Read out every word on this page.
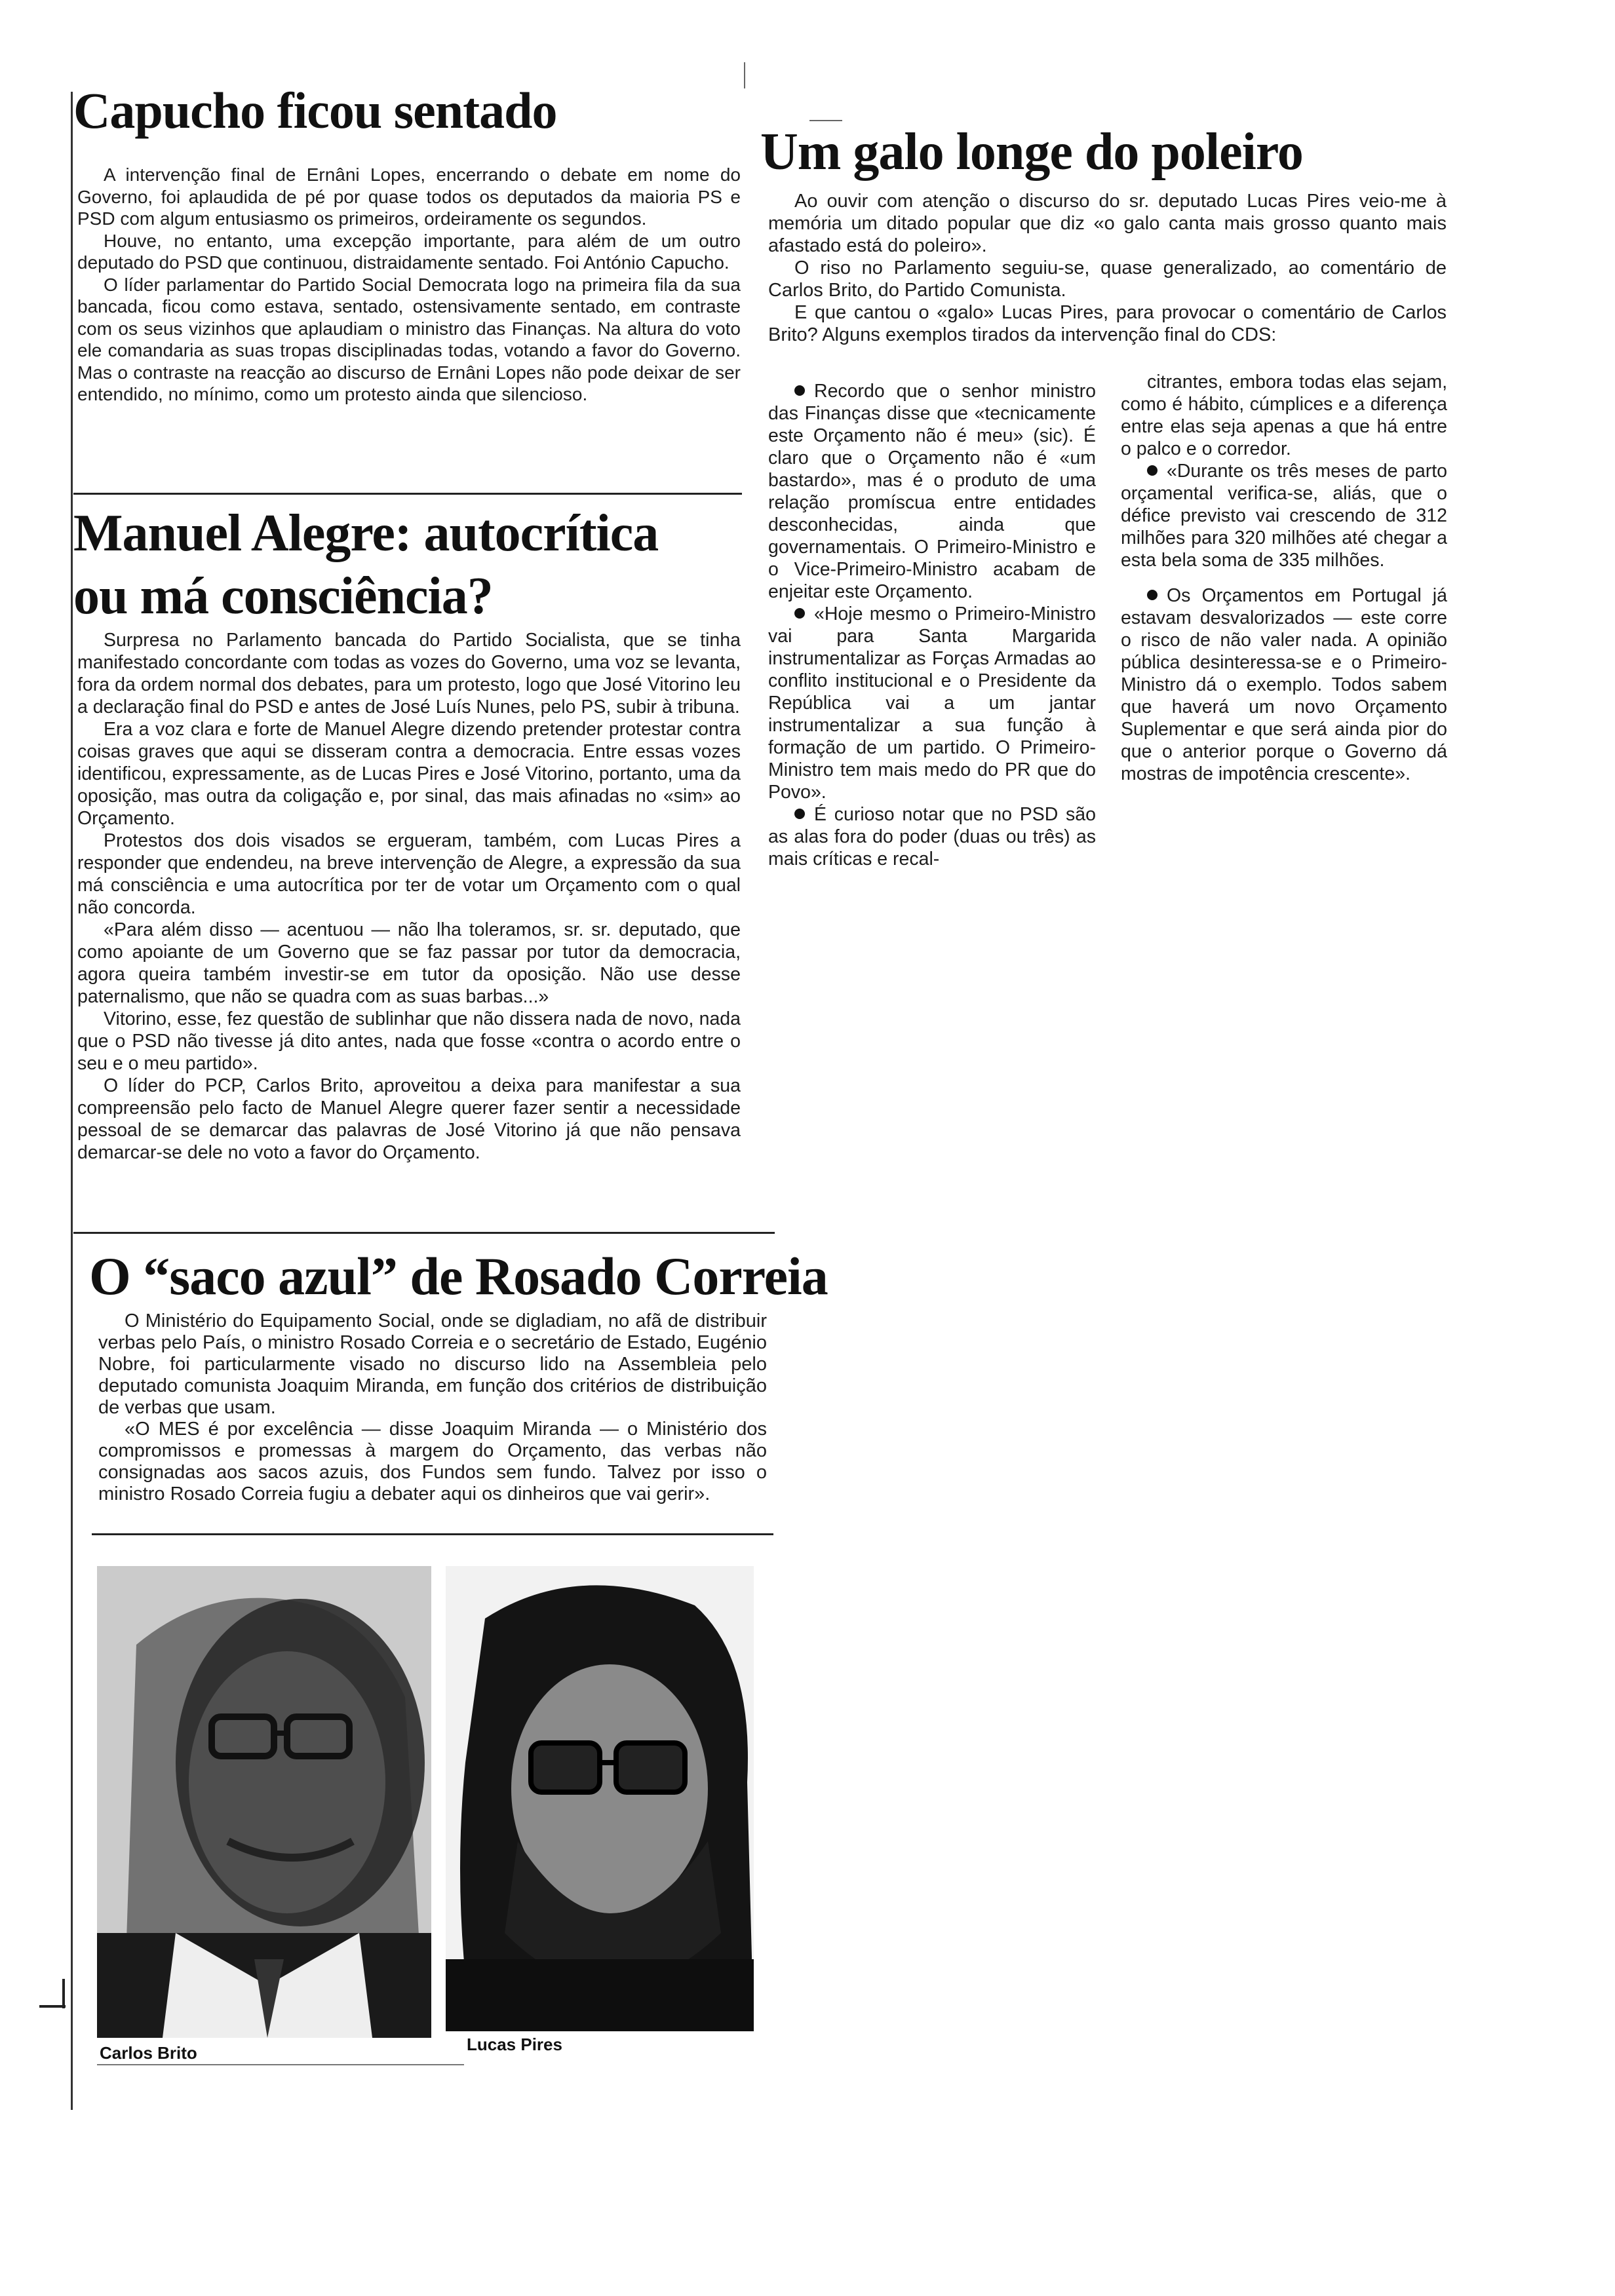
Capucho ficou sentado

A intervenção final de Ernâni Lopes, encerrando o debate em nome do Governo, foi aplaudida de pé por quase todos os deputados da maioria PS e PSD com algum entusiasmo os primeiros, ordeiramente os segundos.

Houve, no entanto, uma excepção importante, para além de um outro deputado do PSD que continuou, distraidamente sentado. Foi António Capucho.

O líder parlamentar do Partido Social Democrata logo na primeira fila da sua bancada, ficou como estava, sentado, ostensivamente sentado, em contraste com os seus vizinhos que aplaudiam o ministro das Finanças. Na altura do voto ele comandaria as suas tropas disciplinadas todas, votando a favor do Governo. Mas o contraste na reacção ao discurso de Ernâni Lopes não pode deixar de ser entendido, no mínimo, como um protesto ainda que silencioso.

Manuel Alegre: autocrítica
ou má consciência?

Surpresa no Parlamento bancada do Partido Socialista, que se tinha manifestado concordante com todas as vozes do Governo, uma voz se levanta, fora da ordem normal dos debates, para um protesto, logo que José Vitorino leu a declaração final do PSD e antes de José Luís Nunes, pelo PS, subir à tribuna.

Era a voz clara e forte de Manuel Alegre dizendo pretender protestar contra coisas graves que aqui se disseram contra a democracia. Entre essas vozes identificou, expressamente, as de Lucas Pires e José Vitorino, portanto, uma da oposição, mas outra da coligação e, por sinal, das mais afinadas no «sim» ao Orçamento.

Protestos dos dois visados se ergueram, também, com Lucas Pires a responder que endendeu, na breve intervenção de Alegre, a expressão da sua má consciência e uma autocrítica por ter de votar um Orçamento com o qual não concorda.

«Para além disso — acentuou — não lha toleramos, sr. sr. deputado, que como apoiante de um Governo que se faz passar por tutor da democracia, agora queira também investir-se em tutor da oposição. Não use desse paternalismo, que não se quadra com as suas barbas...»

Vitorino, esse, fez questão de sublinhar que não dissera nada de novo, nada que o PSD não tivesse já dito antes, nada que fosse «contra o acordo entre o seu e o meu partido».

O líder do PCP, Carlos Brito, aproveitou a deixa para manifestar a sua compreensão pelo facto de Manuel Alegre querer fazer sentir a necessidade pessoal de se demarcar das palavras de José Vitorino já que não pensava demarcar-se dele no voto a favor do Orçamento.

O “saco azul” de Rosado Correia

O Ministério do Equipamento Social, onde se digladiam, no afã de distribuir verbas pelo País, o ministro Rosado Correia e o secretário de Estado, Eugénio Nobre, foi particularmente visado no discurso lido na Assembleia pelo deputado comunista Joaquim Miranda, em função dos critérios de distribuição de verbas que usam.

«O MES é por excelência — disse Joaquim Miranda — o Ministério dos compromissos e promessas à margem do Orçamento, das verbas não consignadas aos sacos azuis, dos Fundos sem fundo. Talvez por isso o ministro Rosado Correia fugiu a debater aqui os dinheiros que vai gerir».

Carlos Brito	Lucas Pires
Um galo longe do poleiro

Ao ouvir com atenção o discurso do sr. deputado Lucas Pires veio-me à memória um ditado popular que diz «o galo canta mais grosso quanto mais afastado está do poleiro».

O riso no Parlamento seguiu-se, quase generalizado, ao comentário de Carlos Brito, do Partido Comunista.

E que cantou o «galo» Lucas Pires, para provocar o comentário de Carlos Brito? Alguns exemplos tirados da intervenção final do CDS:

Recordo que o senhor ministro das Finanças disse que «tecnicamente este Orçamento não é meu» (sic). É claro que o Orçamento não é «um bastardo», mas é o produto de uma relação promíscua entre entidades desconhecidas, ainda que governamentais. O Primeiro-Ministro e o Vice-Primeiro-Ministro acabam de enjeitar este Orçamento.

«Hoje mesmo o Primeiro-Ministro vai para Santa Margarida instrumentalizar as Forças Armadas ao conflito institucional e o Presidente da República vai a um jantar instrumentalizar a sua função à formação de um partido. O Primeiro-Ministro tem mais medo do PR que do Povo».

É curioso notar que no PSD são as alas fora do poder (duas ou três) as mais críticas e recal-

citrantes, embora todas elas sejam, como é hábito, cúmplices e a diferença entre elas seja apenas a que há entre o palco e o corredor.

«Durante os três meses de parto orçamental verifica-se, aliás, que o défice previsto vai crescendo de 312 milhões para 320 milhões até chegar a esta bela soma de 335 milhões.

Os Orçamentos em Portugal já estavam desvalorizados — este corre o risco de não valer nada. A opinião pública desinteressa-se e o Primeiro-Ministro dá o exemplo. Todos sabem que haverá um novo Orçamento Suplementar e que será ainda pior do que o anterior porque o Governo dá mostras de impotência crescente».
